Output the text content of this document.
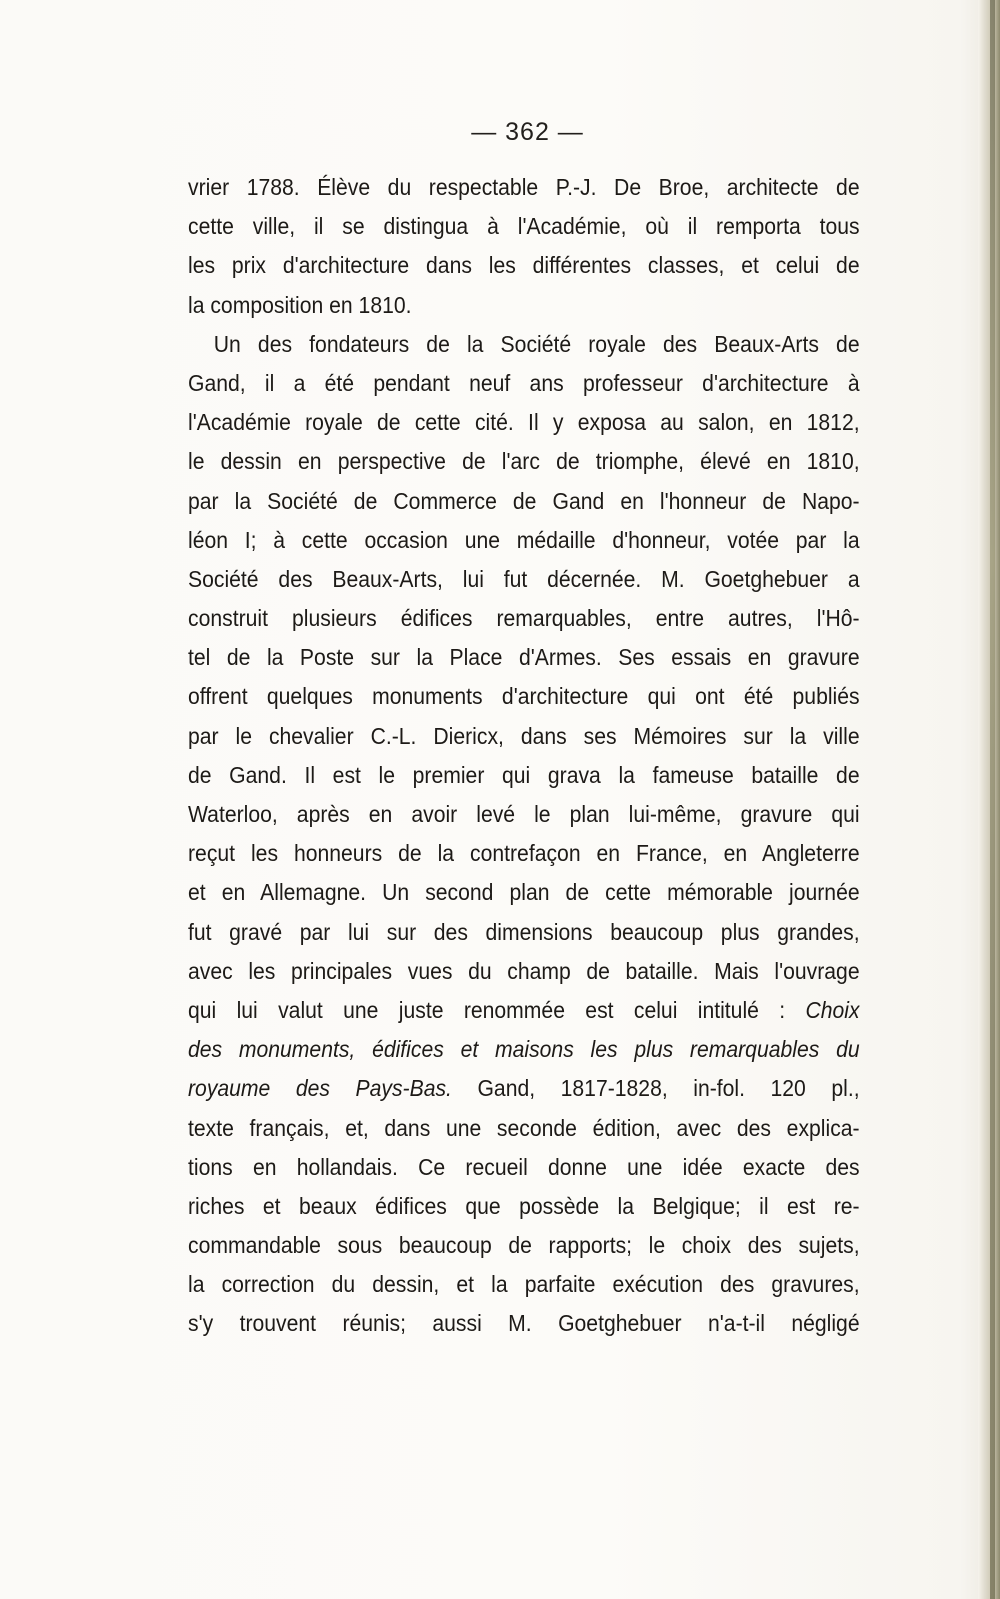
— 362 —
vrier 1788. Élève du respectable P.-J. De Broe, architecte de
cette ville, il se distingua à l'Académie, où il remporta tous
les prix d'architecture dans les différentes classes, et celui de
la composition en 1810.
Un des fondateurs de la Société royale des Beaux-Arts de
Gand, il a été pendant neuf ans professeur d'architecture à
l'Académie royale de cette cité. Il y exposa au salon, en 1812,
le dessin en perspective de l'arc de triomphe, élevé en 1810,
par la Société de Commerce de Gand en l'honneur de Napo-
léon I; à cette occasion une médaille d'honneur, votée par la
Société des Beaux-Arts, lui fut décernée. M. Goetghebuer a
construit plusieurs édifices remarquables, entre autres, l'Hô-
tel de la Poste sur la Place d'Armes. Ses essais en gravure
offrent quelques monuments d'architecture qui ont été publiés
par le chevalier C.-L. Diericx, dans ses Mémoires sur la ville
de Gand. Il est le premier qui grava la fameuse bataille de
Waterloo, après en avoir levé le plan lui-même, gravure qui
reçut les honneurs de la contrefaçon en France, en Angleterre
et en Allemagne. Un second plan de cette mémorable journée
fut gravé par lui sur des dimensions beaucoup plus grandes,
avec les principales vues du champ de bataille. Mais l'ouvrage
qui lui valut une juste renommée est celui intitulé : Choix
des monuments, édifices et maisons les plus remarquables du
royaume des Pays-Bas. Gand, 1817-1828, in-fol. 120 pl.,
texte français, et, dans une seconde édition, avec des explica-
tions en hollandais. Ce recueil donne une idée exacte des
riches et beaux édifices que possède la Belgique; il est re-
commandable sous beaucoup de rapports; le choix des sujets,
la correction du dessin, et la parfaite exécution des gravures,
s'y trouvent réunis; aussi M. Goetghebuer n'a-t-il négligé
